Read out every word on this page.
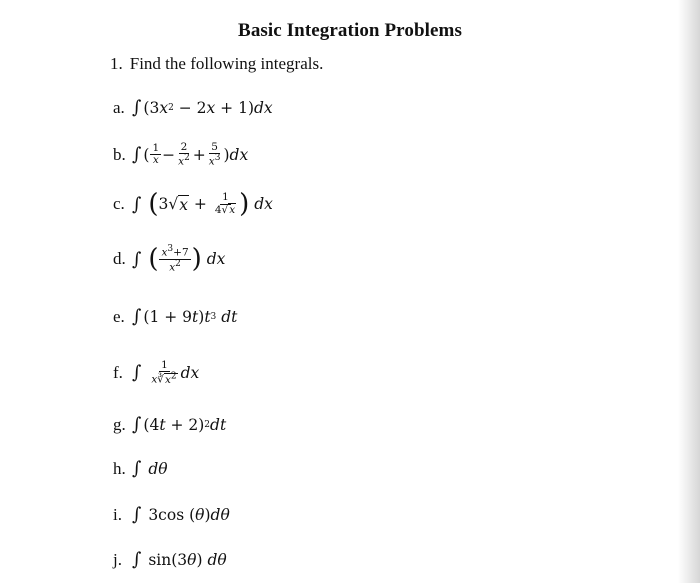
Basic Integration Problems
1. Find the following integrals.
a. ∫ (3 x 2 − 2 x + 1) dx
b. ∫ ( $\frac{1}{x} - \frac{2}{x^2} + \frac{5}{x^3}$ ) dx
c. ∫
( 3√ $x + \frac{1}{4√x}$ )
dx
d. ∫
( $\frac{x^3+7}{x^2}$ )
dx
e. ∫ (1 + 9 t ) t 3
dt
f. ∫
$\frac{1}{x∛x^2}$ dx
g. ∫ (4 t + 2) 2 dt
h. ∫
dθ
i. ∫ 3cos ( θ ) dθ
j. ∫ sin(3 θ ) dθ
